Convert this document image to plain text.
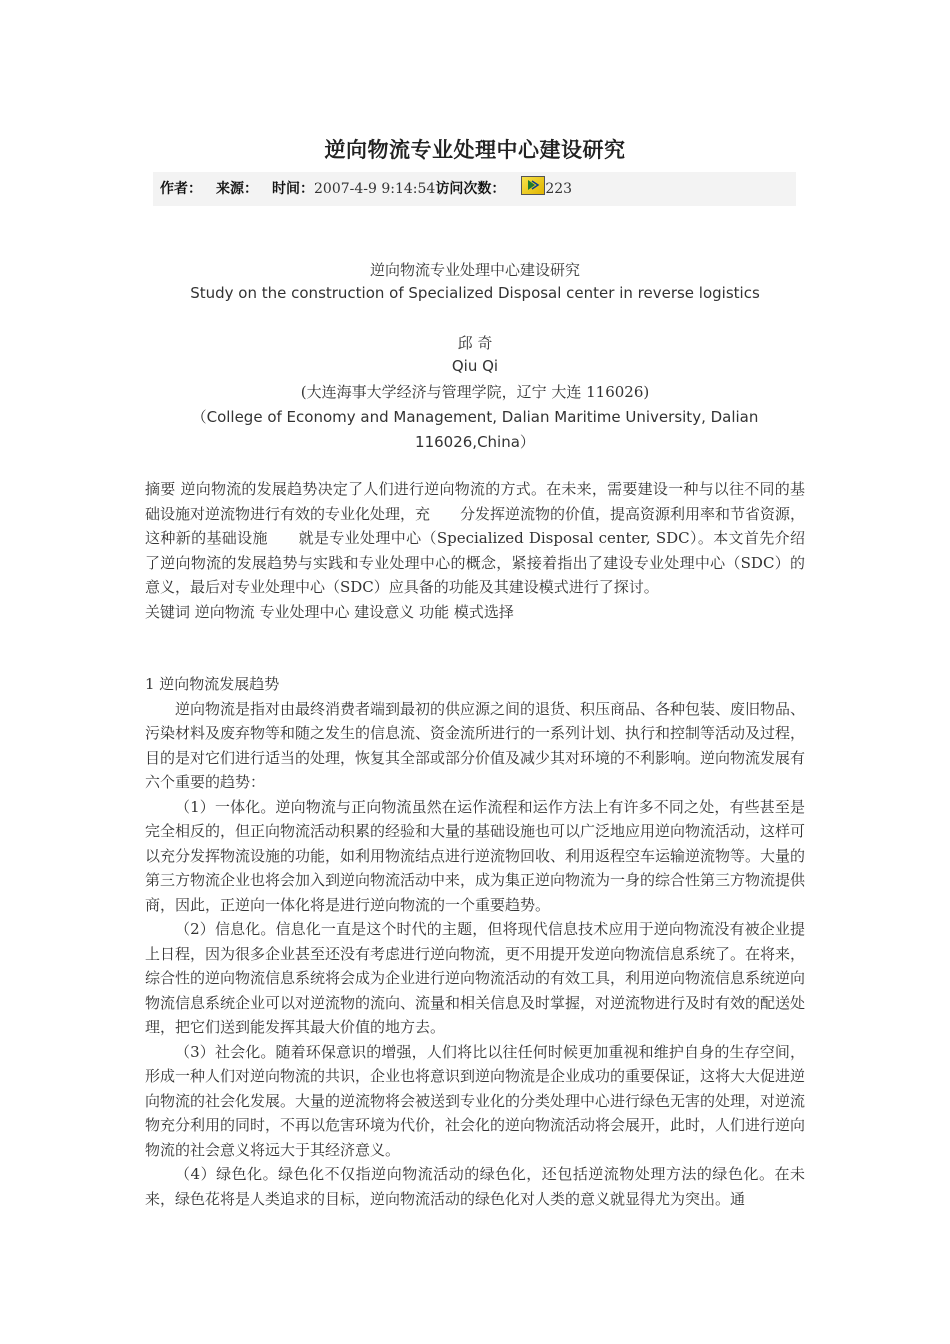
逆向物流专业处理中心建设研究
作者： 来源： 时间：2007-4-9 9:14:54访问次数：	223
逆向物流专业处理中心建设研究
Study on the construction of Specialized Disposal center in reverse logistics
邱 奇
Qiu Qi
(大连海事大学经济与管理学院，辽宁 大连 116026)
（College of Economy and Management, Dalian Maritime University, Dalian 116026,China）

摘要 逆向物流的发展趋势决定了人们进行逆向物流的方式。在未来，需要建设一种与以往不同的基础设施对逆流物进行有效的专业化处理，充　　分发挥逆流物的价值，提高资源利用率和节省资源，这种新的基础设施　　就是专业处理中心（Specialized Disposal center, SDC）。本文首先介绍了逆向物流的发展趋势与实践和专业处理中心的概念，紧接着指出了建设专业处理中心（SDC）的意义，最后对专业处理中心（SDC）应具备的功能及其建设模式进行了探讨。

关键词 逆向物流 专业处理中心 建设意义 功能 模式选择

1 逆向物流发展趋势

逆向物流是指对由最终消费者端到最初的供应源之间的退货、积压商品、各种包装、废旧物品、污染材料及废弃物等和随之发生的信息流、资金流所进行的一系列计划、执行和控制等活动及过程，目的是对它们进行适当的处理，恢复其全部或部分价值及减少其对环境的不利影响。逆向物流发展有六个重要的趋势：

（1）一体化。逆向物流与正向物流虽然在运作流程和运作方法上有许多不同之处，有些甚至是完全相反的，但正向物流活动积累的经验和大量的基础设施也可以广泛地应用逆向物流活动，这样可以充分发挥物流设施的功能，如利用物流结点进行逆流物回收、利用返程空车运输逆流物等。大量的第三方物流企业也将会加入到逆向物流活动中来，成为集正逆向物流为一身的综合性第三方物流提供商，因此，正逆向一体化将是进行逆向物流的一个重要趋势。

（2）信息化。信息化一直是这个时代的主题，但将现代信息技术应用于逆向物流没有被企业提上日程，因为很多企业甚至还没有考虑进行逆向物流，更不用提开发逆向物流信息系统了。在将来，综合性的逆向物流信息系统将会成为企业进行逆向物流活动的有效工具，利用逆向物流信息系统逆向物流信息系统企业可以对逆流物的流向、流量和相关信息及时掌握，对逆流物进行及时有效的配送处理，把它们送到能发挥其最大价值的地方去。

（3）社会化。随着环保意识的增强，人们将比以往任何时候更加重视和维护自身的生存空间，形成一种人们对逆向物流的共识，企业也将意识到逆向物流是企业成功的重要保证，这将大大促进逆向物流的社会化发展。大量的逆流物将会被送到专业化的分类处理中心进行绿色无害的处理，对逆流物充分利用的同时，不再以危害环境为代价，社会化的逆向物流活动将会展开，此时，人们进行逆向物流的社会意义将远大于其经济意义。

（4）绿色化。绿色化不仅指逆向物流活动的绿色化，还包括逆流物处理方法的绿色化。在未来，绿色花将是人类追求的目标，逆向物流活动的绿色化对人类的意义就显得尤为突出。通
